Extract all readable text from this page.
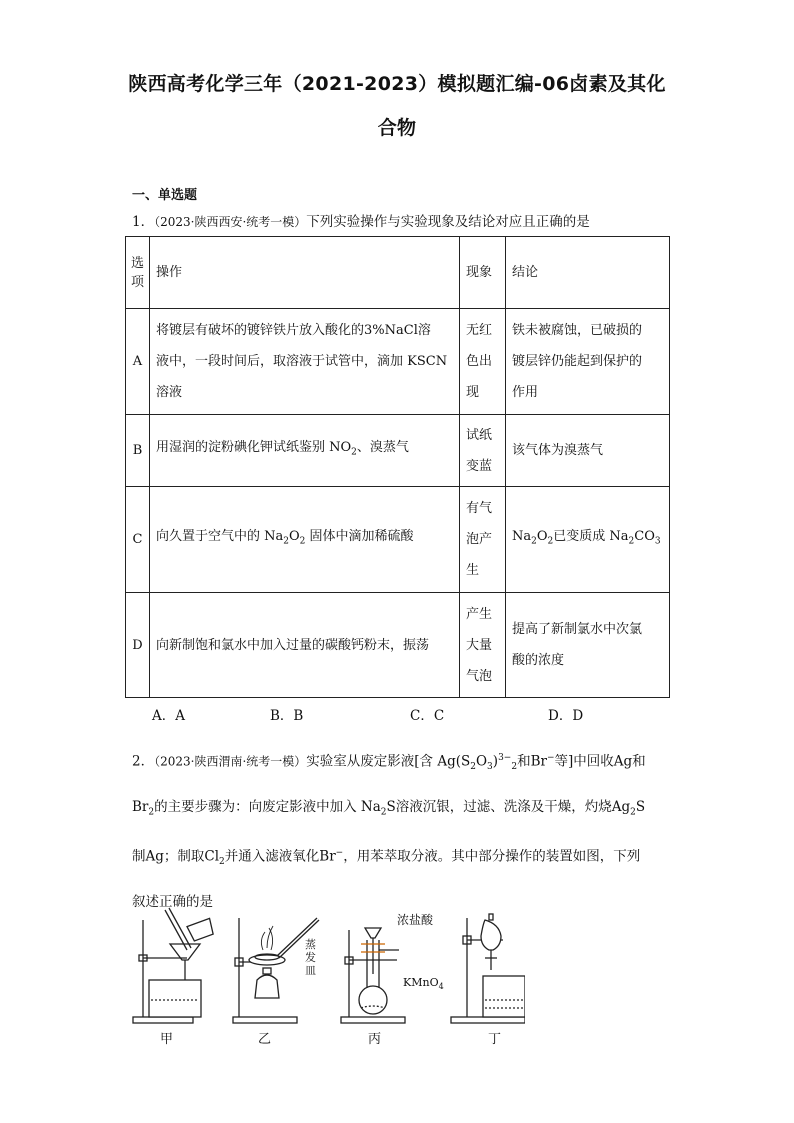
陕西高考化学三年（2021-2023）模拟题汇编-06卤素及其化
合物
一、单选题
1．（2023·陕西西安·统考一模）下列实验操作与实验现象及结论对应且正确的是
选
项	操作	现象	结论
A	将镀层有破坏的镀锌铁片放入酸化的3%NaCl溶
液中，一段时间后，取溶液于试管中，滴加 KSCN
溶液	无红
色出
现	铁未被腐蚀，已破损的
镀层锌仍能起到保护的
作用
B	用湿润的淀粉碘化钾试纸鉴别 $NO_2$、溴蒸气	试纸
变蓝	该气体为溴蒸气
C	向久置于空气中的 $Na_2O_2$ 固体中滴加稀硫酸	有气
泡产
生	$Na_2O_2$已变质成 $Na_2CO_3$
D	向新制饱和氯水中加入过量的碳酸钙粉末，振荡	产生
大量
气泡	提高了新制氯水中次氯
酸的浓度
A．A	B．B	C．C	D．D
2．（2023·陕西渭南·统考一模）实验室从废定影液[含 $Ag(S_2O_3)^{3-}_2$和Br−等]中回收Ag和
$Br_2$的主要步骤为：向废定影液中加入 $Na_2S$溶液沉银，过滤、洗涤及干燥，灼烧$Ag_2S$
制Ag；制取$Cl_2$并通入滤液氧化Br−，用苯萃取分液。其中部分操作的装置如图，下列
叙述正确的是
浓盐酸
KMnO$_4$
蒸
发
皿
甲	乙	丙	丁
